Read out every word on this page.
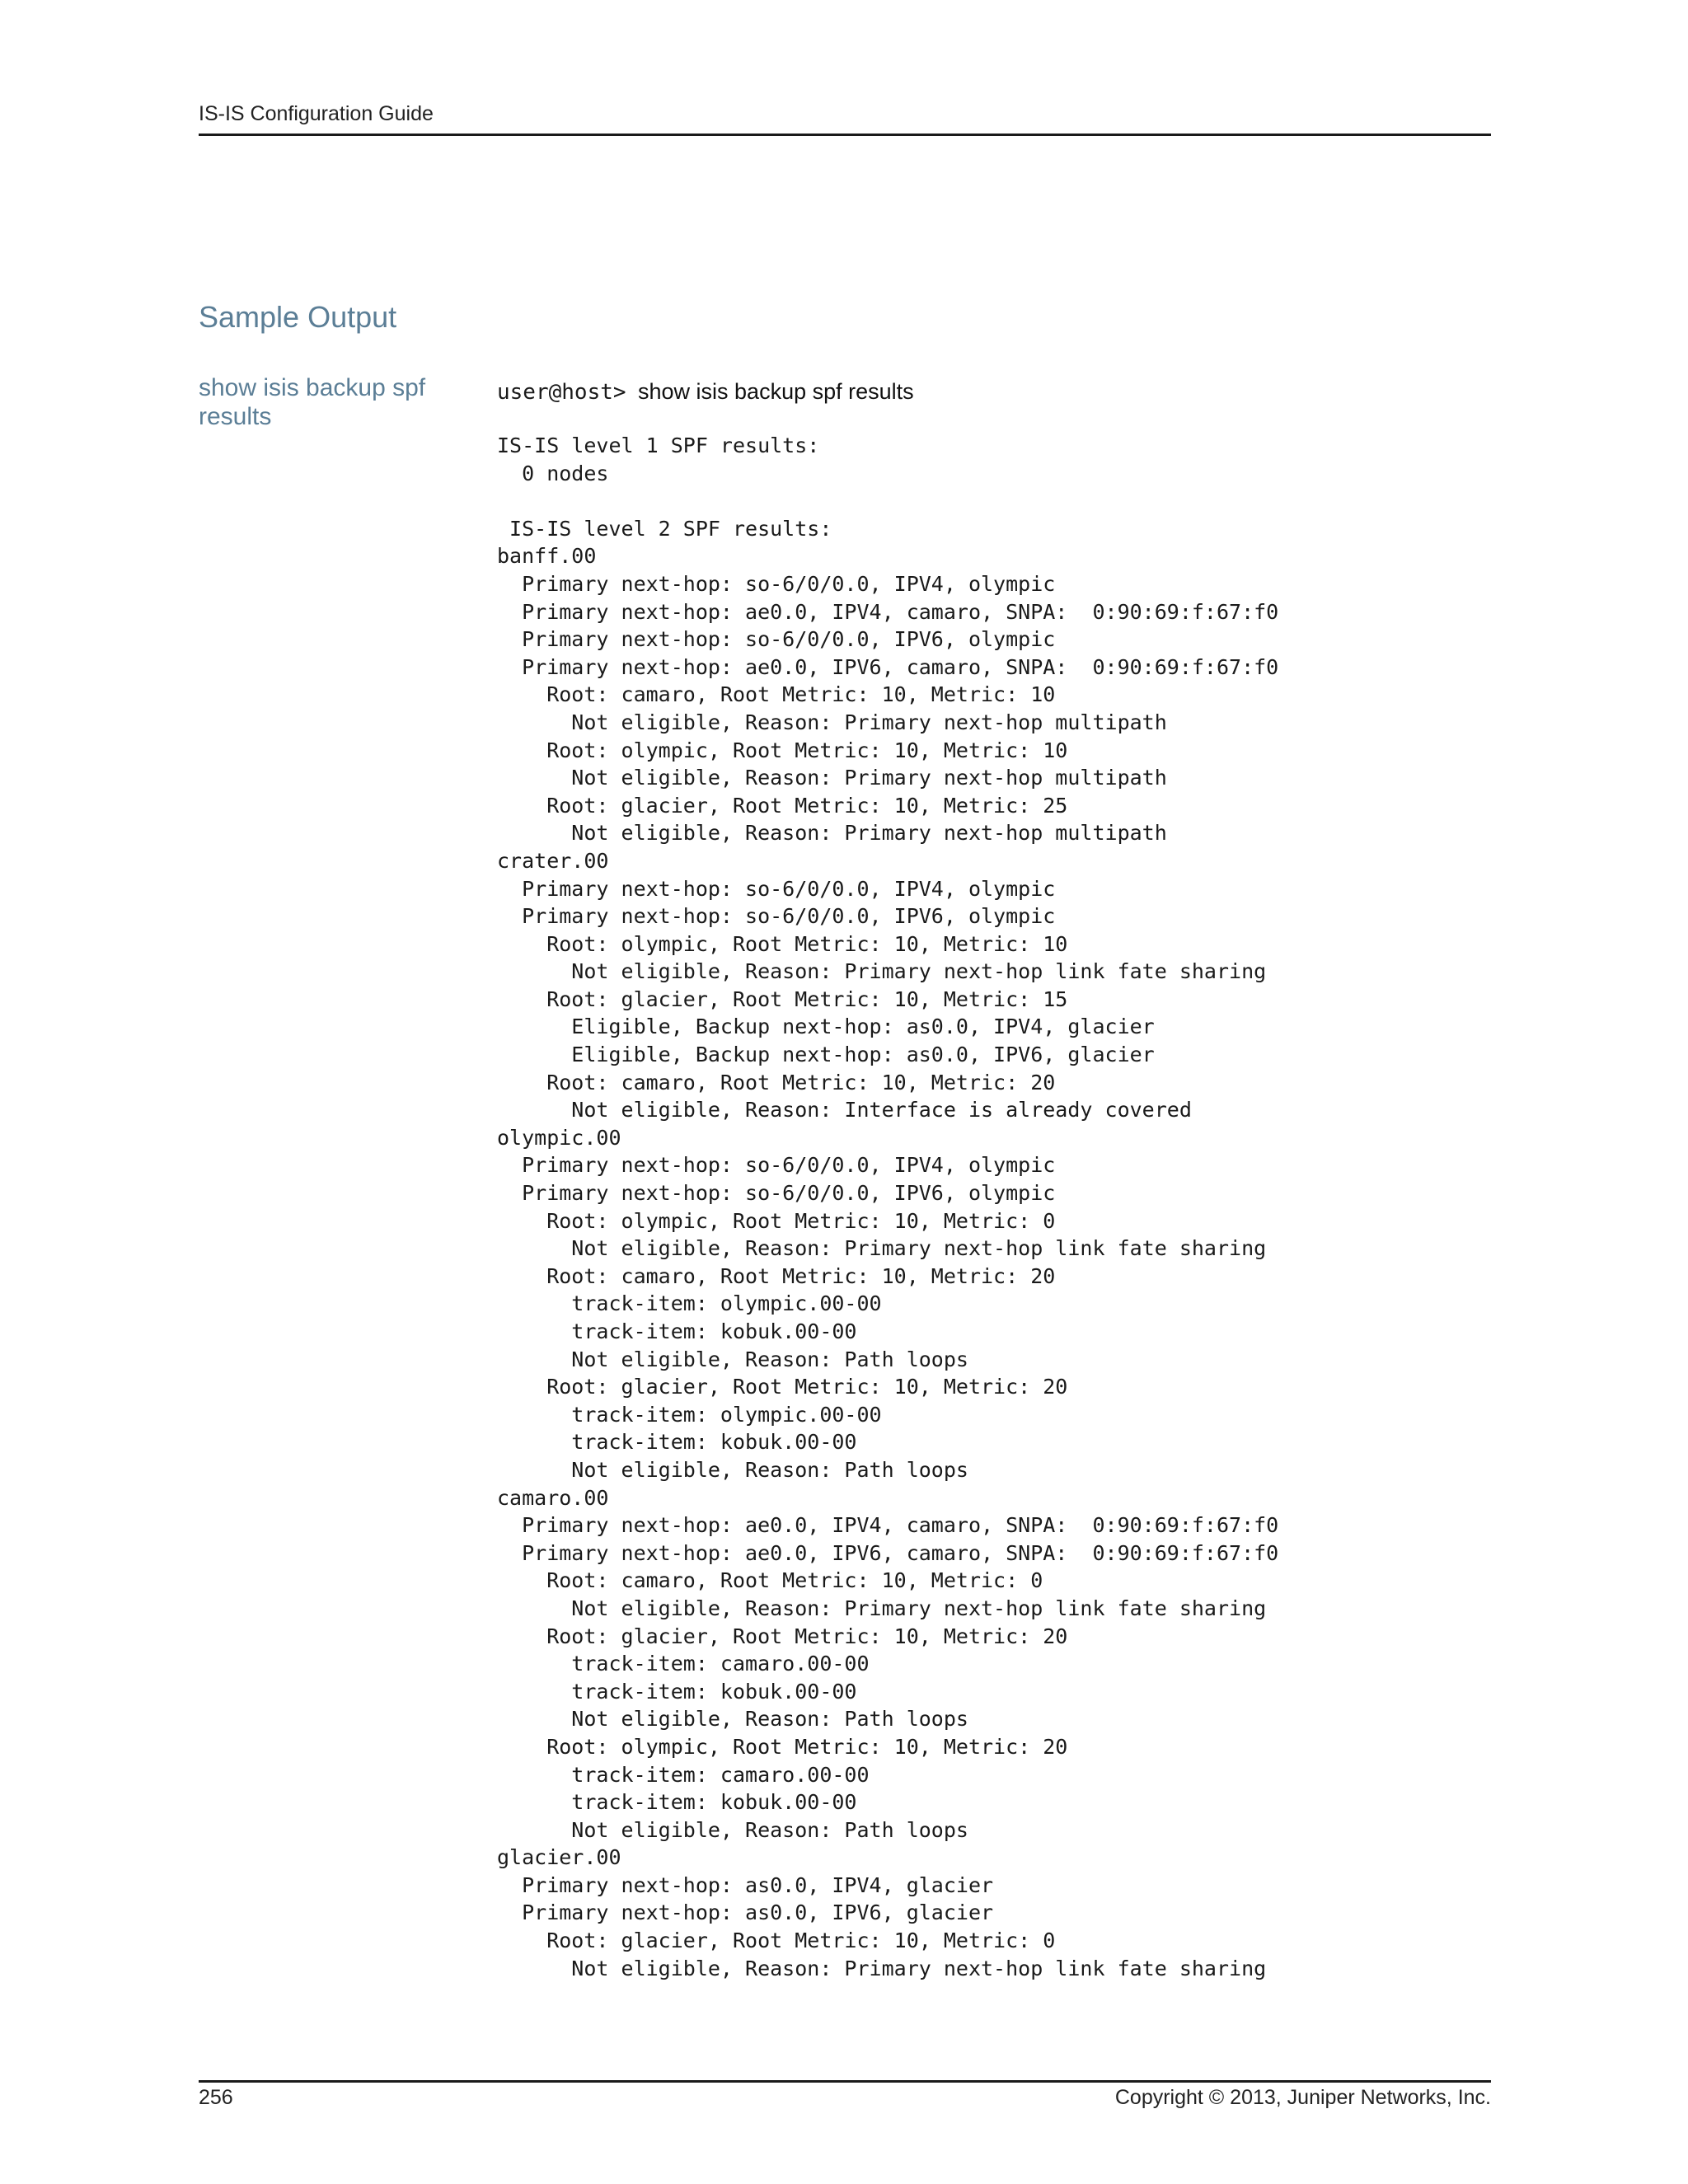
IS-IS Configuration Guide
Sample Output
show isis backup spf results
user@host> show isis backup spf results
IS-IS level 1 SPF results:
0 nodes
IS-IS level 2 SPF results:
banff.00
Primary next-hop: so-6/0/0.0, IPV4, olympic
Primary next-hop: ae0.0, IPV4, camaro, SNPA:  0:90:69:f:67:f0
Primary next-hop: so-6/0/0.0, IPV6, olympic
Primary next-hop: ae0.0, IPV6, camaro, SNPA:  0:90:69:f:67:f0
Root: camaro, Root Metric: 10, Metric: 10
Not eligible, Reason: Primary next-hop multipath
Root: olympic, Root Metric: 10, Metric: 10
Not eligible, Reason: Primary next-hop multipath
Root: glacier, Root Metric: 10, Metric: 25
Not eligible, Reason: Primary next-hop multipath
crater.00
Primary next-hop: so-6/0/0.0, IPV4, olympic
Primary next-hop: so-6/0/0.0, IPV6, olympic
Root: olympic, Root Metric: 10, Metric: 10
Not eligible, Reason: Primary next-hop link fate sharing
Root: glacier, Root Metric: 10, Metric: 15
Eligible, Backup next-hop: as0.0, IPV4, glacier
Eligible, Backup next-hop: as0.0, IPV6, glacier
Root: camaro, Root Metric: 10, Metric: 20
Not eligible, Reason: Interface is already covered
olympic.00
Primary next-hop: so-6/0/0.0, IPV4, olympic
Primary next-hop: so-6/0/0.0, IPV6, olympic
Root: olympic, Root Metric: 10, Metric: 0
Not eligible, Reason: Primary next-hop link fate sharing
Root: camaro, Root Metric: 10, Metric: 20
track-item: olympic.00-00
track-item: kobuk.00-00
Not eligible, Reason: Path loops
Root: glacier, Root Metric: 10, Metric: 20
track-item: olympic.00-00
track-item: kobuk.00-00
Not eligible, Reason: Path loops
camaro.00
Primary next-hop: ae0.0, IPV4, camaro, SNPA:  0:90:69:f:67:f0
Primary next-hop: ae0.0, IPV6, camaro, SNPA:  0:90:69:f:67:f0
Root: camaro, Root Metric: 10, Metric: 0
Not eligible, Reason: Primary next-hop link fate sharing
Root: glacier, Root Metric: 10, Metric: 20
track-item: camaro.00-00
track-item: kobuk.00-00
Not eligible, Reason: Path loops
Root: olympic, Root Metric: 10, Metric: 20
track-item: camaro.00-00
track-item: kobuk.00-00
Not eligible, Reason: Path loops
glacier.00
Primary next-hop: as0.0, IPV4, glacier
Primary next-hop: as0.0, IPV6, glacier
Root: glacier, Root Metric: 10, Metric: 0
Not eligible, Reason: Primary next-hop link fate sharing
256	Copyright © 2013, Juniper Networks, Inc.
